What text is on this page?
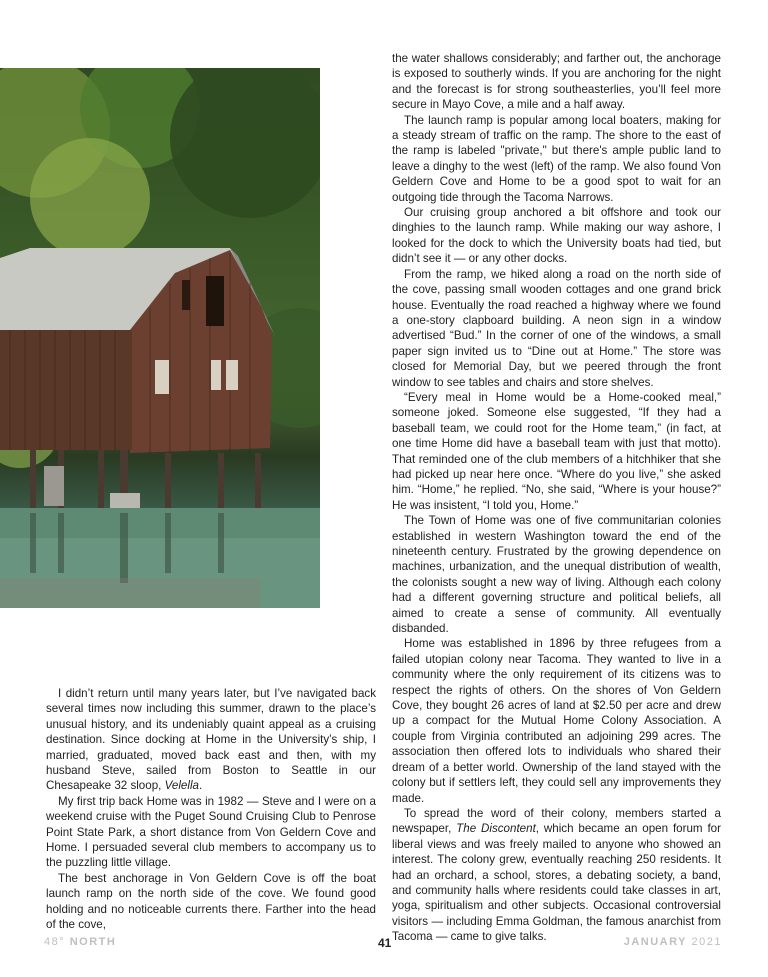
the water shallows considerably; and farther out, the anchorage is exposed to southerly winds. If you are anchoring for the night and the forecast is for strong southeasterlies, you’ll feel more secure in Mayo Cove, a mile and a half away.

The launch ramp is popular among local boaters, making for a steady stream of traffic on the ramp. The shore to the east of the ramp is labeled "private," but there's ample public land to leave a dinghy to the west (left) of the ramp. We also found Von Geldern Cove and Home to be a good spot to wait for an outgoing tide through the Tacoma Narrows.

Our cruising group anchored a bit offshore and took our dinghies to the launch ramp. While making our way ashore, I looked for the dock to which the University boats had tied, but didn’t see it — or any other docks.

From the ramp, we hiked along a road on the north side of the cove, passing small wooden cottages and one grand brick house. Eventually the road reached a highway where we found a one-story clapboard building. A neon sign in a window advertised “Bud.” In the corner of one of the windows, a small paper sign invited us to “Dine out at Home.” The store was closed for Memorial Day, but we peered through the front window to see tables and chairs and store shelves.

“Every meal in Home would be a Home-cooked meal,” someone joked. Someone else suggested, “If they had a baseball team, we could root for the Home team,” (in fact, at one time Home did have a baseball team with just that motto). That reminded one of the club members of a hitchhiker that she had picked up near here once. “Where do you live,” she asked him. “Home,” he replied. “No, she said, “Where is your house?” He was insistent, “I told you, Home.”

The Town of Home was one of five communitarian colonies established in western Washington toward the end of the nineteenth century. Frustrated by the growing dependence on machines, urbanization, and the unequal distribution of wealth, the colonists sought a new way of living. Although each colony had a different governing structure and political beliefs, all aimed to create a sense of community. All eventually disbanded.

Home was established in 1896 by three refugees from a failed utopian colony near Tacoma. They wanted to live in a community where the only requirement of its citizens was to respect the rights of others. On the shores of Von Geldern Cove, they bought 26 acres of land at $2.50 per acre and drew up a compact for the Mutual Home Colony Association. A couple from Virginia contributed an adjoining 299 acres. The association then offered lots to individuals who shared their dream of a better world. Ownership of the land stayed with the colony but if settlers left, they could sell any improvements they made.

To spread the word of their colony, members started a newspaper, The Discontent, which became an open forum for liberal views and was freely mailed to anyone who showed an interest. The colony grew, eventually reaching 250 residents. It had an orchard, a school, stores, a debating society, a band, and community halls where residents could take classes in art, yoga, spiritualism and other subjects. Occasional controversial visitors — including Emma Goldman, the famous anarchist from Tacoma — came to give talks.

I didn’t return until many years later, but I’ve navigated back several times now including this summer, drawn to the place’s unusual history, and its undeniably quaint appeal as a cruising destination. Since docking at Home in the University’s ship, I married, graduated, moved back east and then, with my husband Steve, sailed from Boston to Seattle in our Chesapeake 32 sloop, Velella.

My first trip back Home was in 1982 — Steve and I were on a weekend cruise with the Puget Sound Cruising Club to Penrose Point State Park, a short distance from Von Geldern Cove and Home. I persuaded several club members to accompany us to the puzzling little village.

The best anchorage in Von Geldern Cove is off the boat launch ramp on the north side of the cove. We found good holding and no noticeable currents there. Farther into the head of the cove,

48° NORTH	41	JANUARY 2021
